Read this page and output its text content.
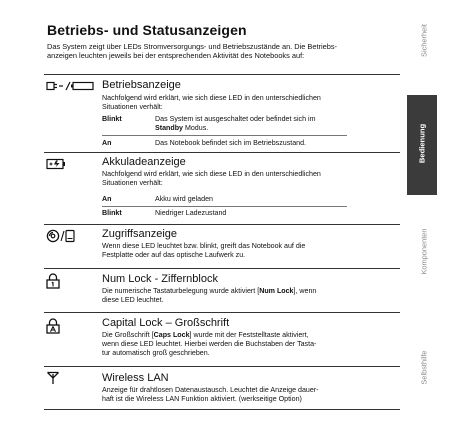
Betriebs- und Statusanzeigen
Das System zeigt über LEDs Stromversorgungs- und Betriebszustände an. Die Betriebs-
anzeigen leuchten jeweils bei der entsprechenden Aktivität des Notebooks auf:
Betriebsanzeige
Nachfolgend wird erklärt, wie sich diese LED in den unterschiedlichen
Situationen verhält:
Blinkt	Das System ist ausgeschaltet oder befindet sich im
Standby Modus.
An	Das Notebook befindet sich im Betriebszustand.
Akkuladeanzeige
Nachfolgend wird erklärt, wie sich diese LED in den unterschiedlichen
Situationen verhält:
An	Akku wird geladen
Blinkt	Niedriger Ladezustand
Zugriffsanzeige
Wenn diese LED leuchtet bzw. blinkt, greift das Notebook auf die
Festplatte oder auf das optische Laufwerk zu.
Num Lock - Ziffernblock
Die numerische Tastaturbelegung wurde aktiviert [Num Lock], wenn
diese LED leuchtet.
Capital Lock – Großschrift
Die Großschrift [Caps Lock] wurde mit der Feststelltaste aktiviert,
wenn diese LED leuchtet. Hierbei werden die Buchstaben der Tasta-
tur automatisch groß geschrieben.
Wireless LAN
Anzeige für drahtlosen Datenaustausch. Leuchtet die Anzeige dauer-
haft ist die Wireless LAN Funktion aktiviert. (werkseitige Option)
Sicherheit
Bedienung
Komponenten
Selbsthilfe
